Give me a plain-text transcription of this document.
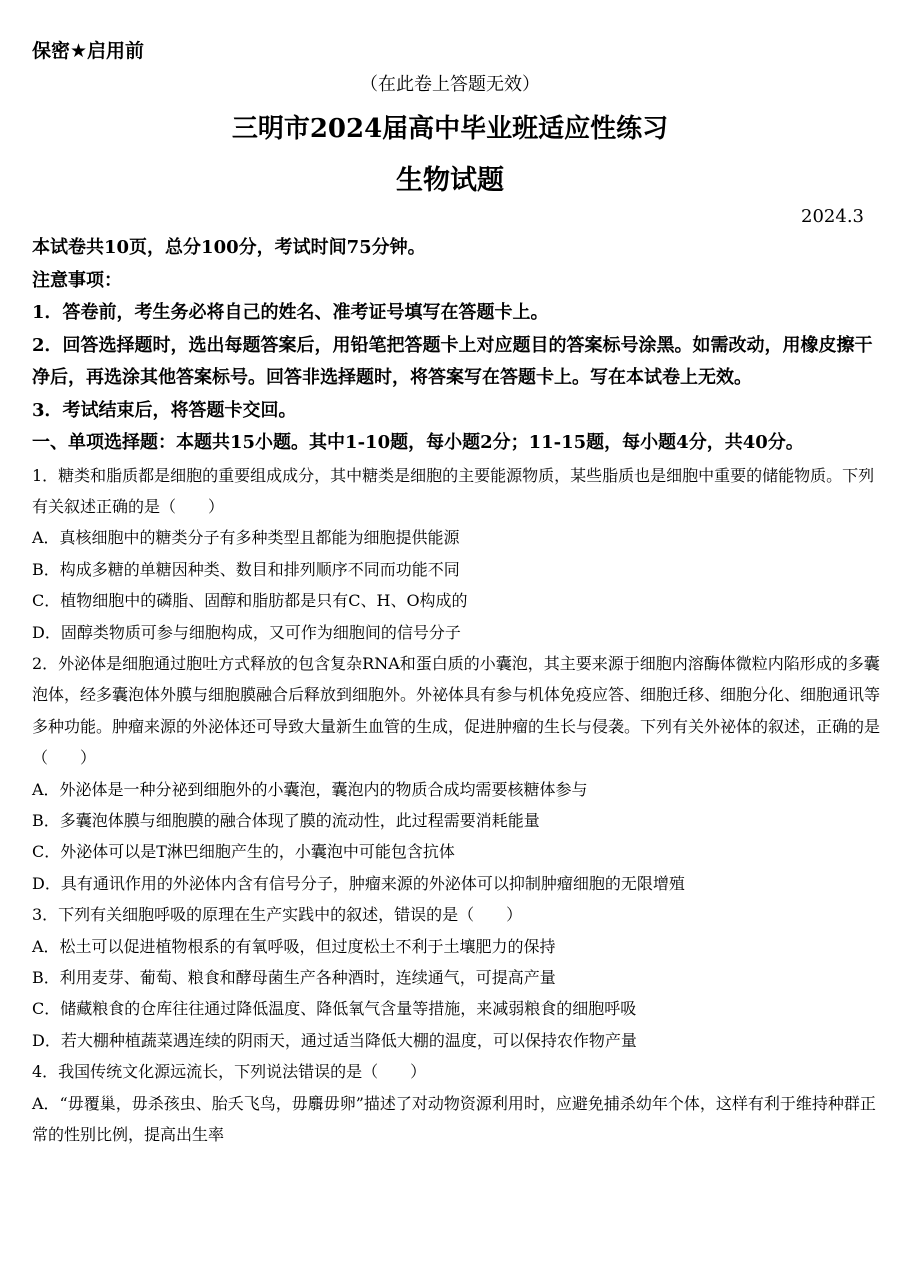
保密★启用前
（在此卷上答题无效）
三明市2024届高中毕业班适应性练习
生物试题
2024.3

本试卷共10页，总分100分，考试时间75分钟。

注意事项：

1．答卷前，考生务必将自己的姓名、准考证号填写在答题卡上。

2．回答选择题时，选出每题答案后，用铅笔把答题卡上对应题目的答案标号涂黑。如需改动，用橡皮擦干净后，再选涂其他答案标号。回答非选择题时，将答案写在答题卡上。写在本试卷上无效。

3．考试结束后，将答题卡交回。

一、单项选择题：本题共15小题。其中1-10题，每小题2分；11-15题，每小题4分，共40分。

1．糖类和脂质都是细胞的重要组成成分，其中糖类是细胞的主要能源物质，某些脂质也是细胞中重要的储能物质。下列有关叙述正确的是（　　）

A．真核细胞中的糖类分子有多种类型且都能为细胞提供能源

B．构成多糖的单糖因种类、数目和排列顺序不同而功能不同

C．植物细胞中的磷脂、固醇和脂肪都是只有C、H、O构成的

D．固醇类物质可参与细胞构成，又可作为细胞间的信号分子

2．外泌体是细胞通过胞吐方式释放的包含复杂RNA和蛋白质的小囊泡，其主要来源于细胞内溶酶体微粒内陷形成的多囊泡体，经多囊泡体外膜与细胞膜融合后释放到细胞外。外祕体具有参与机体免疫应答、细胞迁移、细胞分化、细胞通讯等多种功能。肿瘤来源的外泌体还可导致大量新生血管的生成，促进肿瘤的生长与侵袭。下列有关外祕体的叙述，正确的是（　　）

A．外泌体是一种分祕到细胞外的小囊泡，囊泡内的物质合成均需要核糖体参与

B．多囊泡体膜与细胞膜的融合体现了膜的流动性，此过程需要消耗能量

C．外泌体可以是T淋巴细胞产生的，小囊泡中可能包含抗体

D．具有通讯作用的外泌体内含有信号分子，肿瘤来源的外泌体可以抑制肿瘤细胞的无限增殖

3．下列有关细胞呼吸的原理在生产实践中的叙述，错误的是（　　）

A．松土可以促进植物根系的有氧呼吸，但过度松土不利于土壤肥力的保持

B．利用麦芽、葡萄、粮食和酵母菌生产各种酒时，连续通气，可提高产量

C．储藏粮食的仓库往往通过降低温度、降低氧气含量等措施，来减弱粮食的细胞呼吸

D．若大棚种植蔬菜遇连续的阴雨天，通过适当降低大棚的温度，可以保持农作物产量

4．我国传统文化源远流长，下列说法错误的是（　　）

A．“毋覆巢，毋杀孩虫、胎夭飞鸟，毋麛毋卵”描述了对动物资源利用时，应避免捕杀幼年个体，这样有利于维持种群正常的性别比例，提高出生率
